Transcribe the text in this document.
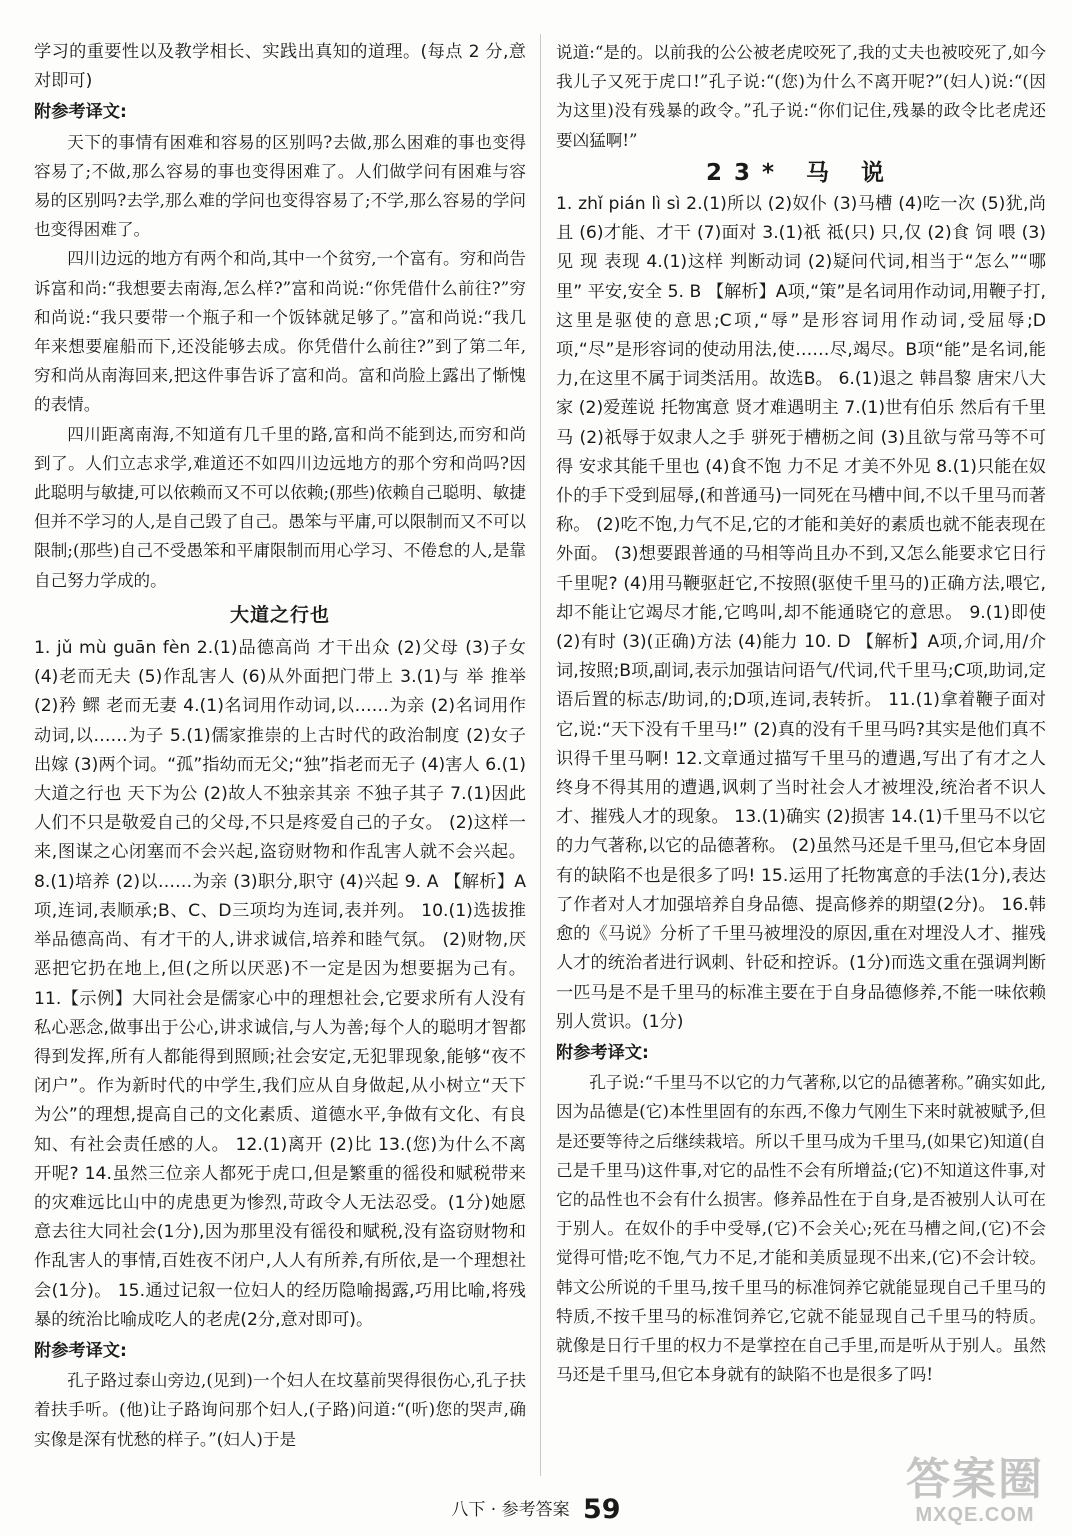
学习的重要性以及教学相长、实践出真知的道理。(每点 2 分,意对即可)

附参考译文:

天下的事情有困难和容易的区别吗?去做,那么困难的事也变得容易了;不做,那么容易的事也变得困难了。人们做学问有困难与容易的区别吗?去学,那么难的学问也变得容易了;不学,那么容易的学问也变得困难了。

四川边远的地方有两个和尚,其中一个贫穷,一个富有。穷和尚告诉富和尚:“我想要去南海,怎么样?”富和尚说:“你凭借什么前往?”穷和尚说:“我只要带一个瓶子和一个饭钵就足够了。”富和尚说:“我几年来想要雇船而下,还没能够去成。你凭借什么前往?”到了第二年,穷和尚从南海回来,把这件事告诉了富和尚。富和尚脸上露出了惭愧的表情。

四川距离南海,不知道有几千里的路,富和尚不能到达,而穷和尚到了。人们立志求学,难道还不如四川边远地方的那个穷和尚吗?因此聪明与敏捷,可以依赖而又不可以依赖;(那些)依赖自己聪明、敏捷但并不学习的人,是自己毁了自己。愚笨与平庸,可以限制而又不可以限制;(那些)自己不受愚笨和平庸限制而用心学习、不倦怠的人,是靠自己努力学成的。

大道之行也

1. jǔ mù guān fèn 2.(1)品德高尚 才干出众 (2)父母 (3)子女 (4)老而无夫 (5)作乱害人 (6)从外面把门带上 3.(1)与 举 推举 (2)矜 鳏 老而无妻 4.(1)名词用作动词,以……为亲 (2)名词用作动词,以……为子 5.(1)儒家推崇的上古时代的政治制度 (2)女子出嫁 (3)两个词。“孤”指幼而无父;“独”指老而无子 (4)害人 6.(1)大道之行也 天下为公 (2)故人不独亲其亲 不独子其子 7.(1)因此人们不只是敬爱自己的父母,不只是疼爱自己的子女。 (2)这样一来,图谋之心闭塞而不会兴起,盗窃财物和作乱害人就不会兴起。 8.(1)培养 (2)以……为亲 (3)职分,职守 (4)兴起 9. A 【解析】A项,连词,表顺承;B、C、D三项均为连词,表并列。 10.(1)选拔推举品德高尚、有才干的人,讲求诚信,培养和睦气氛。 (2)财物,厌恶把它扔在地上,但(之所以厌恶)不一定是因为想要据为己有。 11.【示例】大同社会是儒家心中的理想社会,它要求所有人没有私心恶念,做事出于公心,讲求诚信,与人为善;每个人的聪明才智都得到发挥,所有人都能得到照顾;社会安定,无犯罪现象,能够“夜不闭户”。作为新时代的中学生,我们应从自身做起,从小树立“天下为公”的理想,提高自己的文化素质、道德水平,争做有文化、有良知、有社会责任感的人。 12.(1)离开 (2)比 13.(您)为什么不离开呢? 14.虽然三位亲人都死于虎口,但是繁重的徭役和赋税带来的灾难远比山中的虎患更为惨烈,苛政令人无法忍受。(1分)她愿意去往大同社会(1分),因为那里没有徭役和赋税,没有盗窃财物和作乱害人的事情,百姓夜不闭户,人人有所养,有所依,是一个理想社会(1分)。 15.通过记叙一位妇人的经历隐喻揭露,巧用比喻,将残暴的统治比喻成吃人的老虎(2分,意对即可)。

附参考译文:

孔子路过泰山旁边,(见到)一个妇人在坟墓前哭得很伤心,孔子扶着扶手听。(他)让子路询问那个妇人,(子路)问道:“(听)您的哭声,确实像是深有忧愁的样子。”(妇人)于是

说道:“是的。以前我的公公被老虎咬死了,我的丈夫也被咬死了,如今我儿子又死于虎口!”孔子说:“(您)为什么不离开呢?”(妇人)说:“(因为这里)没有残暴的政令。”孔子说:“你们记住,残暴的政令比老虎还要凶猛啊!”

23* 马 说

1. zhǐ pián lì sì 2.(1)所以 (2)奴仆 (3)马槽 (4)吃一次 (5)犹,尚且 (6)才能、才干 (7)面对 3.(1)祇 祗(只) 只,仅 (2)食 饲 喂 (3)见 现 表现 4.(1)这样 判断动词 (2)疑问代词,相当于“怎么”“哪里” 平安,安全 5. B 【解析】A项,“策”是名词用作动词,用鞭子打,这里是驱使的意思;C项,“辱”是形容词用作动词,受屈辱;D项,“尽”是形容词的使动用法,使……尽,竭尽。B项“能”是名词,能力,在这里不属于词类活用。故选B。 6.(1)退之 韩昌黎 唐宋八大家 (2)爱莲说 托物寓意 贤才难遇明主 7.(1)世有伯乐 然后有千里马 (2)祇辱于奴隶人之手 骈死于槽枥之间 (3)且欲与常马等不可得 安求其能千里也 (4)食不饱 力不足 才美不外见 8.(1)只能在奴仆的手下受到屈辱,(和普通马)一同死在马槽中间,不以千里马而著称。 (2)吃不饱,力气不足,它的才能和美好的素质也就不能表现在外面。 (3)想要跟普通的马相等尚且办不到,又怎么能要求它日行千里呢? (4)用马鞭驱赶它,不按照(驱使千里马的)正确方法,喂它,却不能让它竭尽才能,它鸣叫,却不能通晓它的意思。 9.(1)即使 (2)有时 (3)(正确)方法 (4)能力 10. D 【解析】A项,介词,用/介词,按照;B项,副词,表示加强诘问语气/代词,代千里马;C项,助词,定语后置的标志/助词,的;D项,连词,表转折。 11.(1)拿着鞭子面对它,说:“天下没有千里马!” (2)真的没有千里马吗?其实是他们真不识得千里马啊! 12.文章通过描写千里马的遭遇,写出了有才之人终身不得其用的遭遇,讽刺了当时社会人才被埋没,统治者不识人才、摧残人才的现象。 13.(1)确实 (2)损害 14.(1)千里马不以它的力气著称,以它的品德著称。 (2)虽然马还是千里马,但它本身固有的缺陷不也是很多了吗! 15.运用了托物寓意的手法(1分),表达了作者对人才加强培养自身品德、提高修养的期望(2分)。 16.韩愈的《马说》分析了千里马被埋没的原因,重在对埋没人才、摧残人才的统治者进行讽刺、针砭和控诉。(1分)而选文重在强调判断一匹马是不是千里马的标准主要在于自身品德修养,不能一味依赖别人赏识。(1分)

附参考译文:

孔子说:“千里马不以它的力气著称,以它的品德著称。”确实如此,因为品德是(它)本性里固有的东西,不像力气刚生下来时就被赋予,但是还要等待之后继续栽培。所以千里马成为千里马,(如果它)知道(自己是千里马)这件事,对它的品性不会有所增益;(它)不知道这件事,对它的品性也不会有什么损害。修养品性在于自身,是否被别人认可在于别人。在奴仆的手中受辱,(它)不会关心;死在马槽之间,(它)不会觉得可惜;吃不饱,气力不足,才能和美质显现不出来,(它)不会计较。韩文公所说的千里马,按千里马的标准饲养它就能显现自己千里马的特质,不按千里马的标准饲养它,它就不能显现自己千里马的特质。就像是日行千里的权力不是掌控在自己手里,而是听从于别人。虽然马还是千里马,但它本身就有的缺陷不也是很多了吗!

八下 · 参考答案 59
答案圈
MXQE.COM
